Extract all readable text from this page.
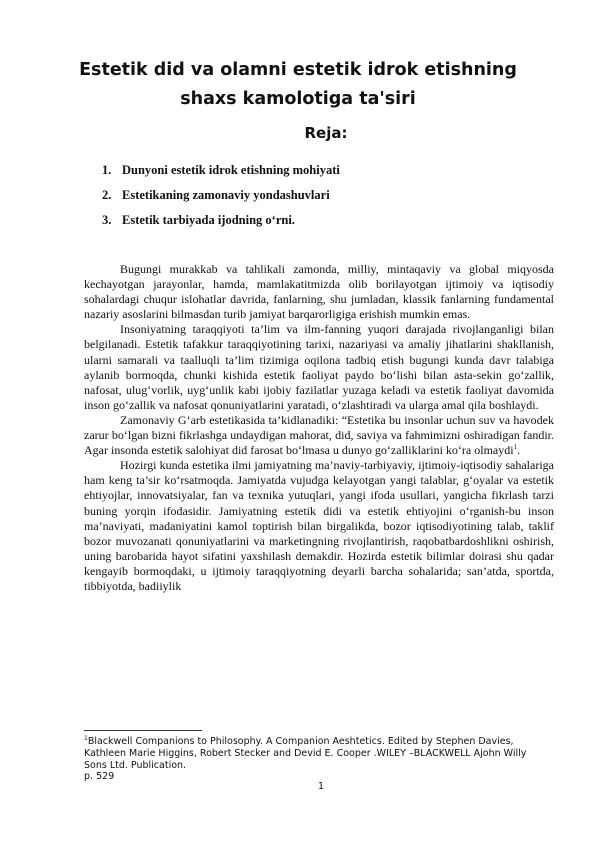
Estetik did va olamni estetik idrok etishning shaxs kamolotiga ta'siri
Reja:
1. Dunyoni estetik idrok etishning mohiyati
2. Estetikaning zamonaviy yondashuvlari
3. Estetik tarbiyada ijodning o‘rni.

Bugungi murakkab va tahlikali zamonda, milliy, mintaqaviy va global miqyosda kechayotgan jarayonlar, hamda, mamlakatitmizda olib borilayotgan ijtimoiy va iqtisodiy sohalardagi chuqur islohatlar davrida, fanlarning, shu jumladan, klassik fanlarning fundamental nazariy asoslarini bilmasdan turib jamiyat barqarorligiga erishish mumkin emas.

Insoniyatning taraqqiyoti ta’lim va ilm-fanning yuqori darajada rivojlanganligi bilan belgilanadi. Estetik tafakkur taraqqiyotining tarixi, nazariyasi va amaliy jihatlarini shakllanish, ularni samarali va taalluqli ta’lim tizimiga oqilona tadbiq etish bugungi kunda davr talabiga aylanib bormoqda, chunki kishida estetik faoliyat paydo bo‘lishi bilan asta-sekin go‘zallik, nafosat, ulug‘vorlik, uyg‘unlik kabi ijobiy fazilatlar yuzaga keladi va estetik faoliyat davomida inson go‘zallik va nafosat qonuniyatlarini yaratadi, o‘zlashtiradi va ularga amal qila boshlaydi.

Zamonaviy G‘arb estetikasida ta’kidlanadiki: “Estetika bu insonlar uchun suv va havodek zarur bo‘lgan bizni fikrlashga undaydigan mahorat, did, saviya va fahmimizni oshiradigan fandir. Agar insonda estetik salohiyat did farosat bo‘lmasa u dunyo go‘zalliklarini ko‘ra olmaydi$^1$.

Hozirgi kunda estetika ilmi jamiyatning ma’naviy-tarbiyaviy, ijtimoiy-iqtisodiy sahalariga ham keng ta’sir ko‘rsatmoqda. Jamiyatda vujudga kelayotgan yangi talablar, g‘oyalar va estetik ehtiyojlar, innovatsiyalar, fan va texnika yutuqlari, yangi ifoda usullari, yangicha fikrlash tarzi buning yorqin ifodasidir. Jamiyatning estetik didi va estetik ehtiyojini o‘rganish-bu inson ma’naviyati, madaniyatini kamol toptirish bilan birgalikda, bozor iqtisodiyotining talab, taklif bozor muvozanati qonuniyatlarini va marketingning rivojlantirish, raqobatbardoshlikni oshirish, uning barobarida hayot sifatini yaxshilash demakdir. Hozirda estetik bilimlar doirasi shu qadar kengayib bormoqdaki, u ijtimoiy taraqqiyotning deyarli barcha sohalarida; san’atda, sportda, tibbiyotda, badiiylik

$^1$Blackwell Companions to Philosophy. A Companion Aeshtetics. Edited by Stephen Davies, Kathleen Marie Higgins, Robert Stecker and Devid E. Cooper .WILEY –BLACKWELL Ajohn Willy Sons Ltd. Publication.
p. 529
1
